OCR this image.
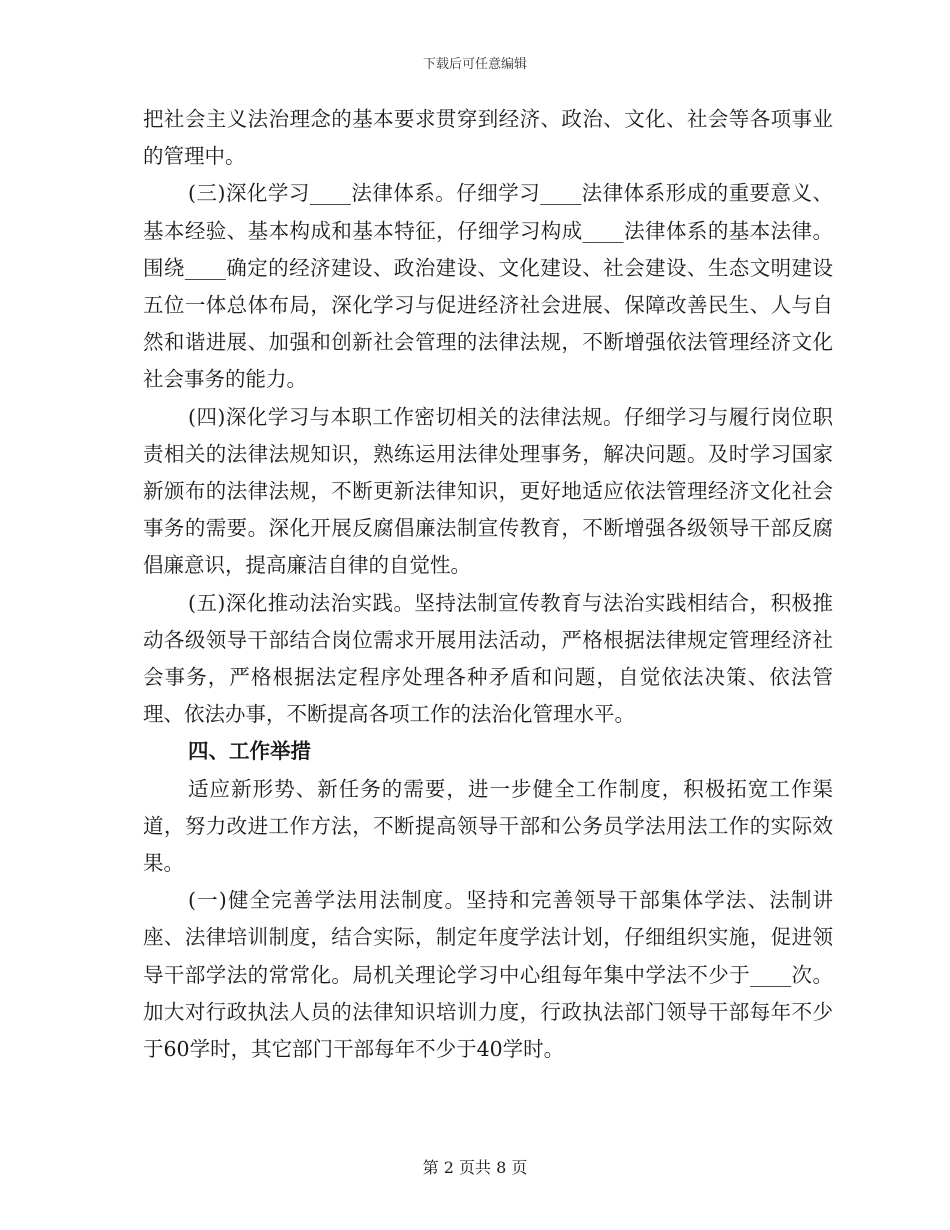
下载后可任意编辑

把社会主义法治理念的基本要求贯穿到经济、政治、文化、社会等各项事业的管理中。

(三)深化学习____法律体系。仔细学习____法律体系形成的重要意义、基本经验、基本构成和基本特征，仔细学习构成____法律体系的基本法律。围绕____确定的经济建设、政治建设、文化建设、社会建设、生态文明建设五位一体总体布局，深化学习与促进经济社会进展、保障改善民生、人与自然和谐进展、加强和创新社会管理的法律法规，不断增强依法管理经济文化社会事务的能力。

(四)深化学习与本职工作密切相关的法律法规。仔细学习与履行岗位职责相关的法律法规知识，熟练运用法律处理事务，解决问题。及时学习国家新颁布的法律法规，不断更新法律知识，更好地适应依法管理经济文化社会事务的需要。深化开展反腐倡廉法制宣传教育，不断增强各级领导干部反腐倡廉意识，提高廉洁自律的自觉性。

(五)深化推动法治实践。坚持法制宣传教育与法治实践相结合，积极推动各级领导干部结合岗位需求开展用法活动，严格根据法律规定管理经济社会事务，严格根据法定程序处理各种矛盾和问题，自觉依法决策、依法管理、依法办事，不断提高各项工作的法治化管理水平。

四、工作举措

适应新形势、新任务的需要，进一步健全工作制度，积极拓宽工作渠道，努力改进工作方法，不断提高领导干部和公务员学法用法工作的实际效果。

(一)健全完善学法用法制度。坚持和完善领导干部集体学法、法制讲座、法律培训制度，结合实际，制定年度学法计划，仔细组织实施，促进领导干部学法的常常化。局机关理论学习中心组每年集中学法不少于____次。加大对行政执法人员的法律知识培训力度，行政执法部门领导干部每年不少于60学时，其它部门干部每年不少于40学时。

第 2 页共 8 页
